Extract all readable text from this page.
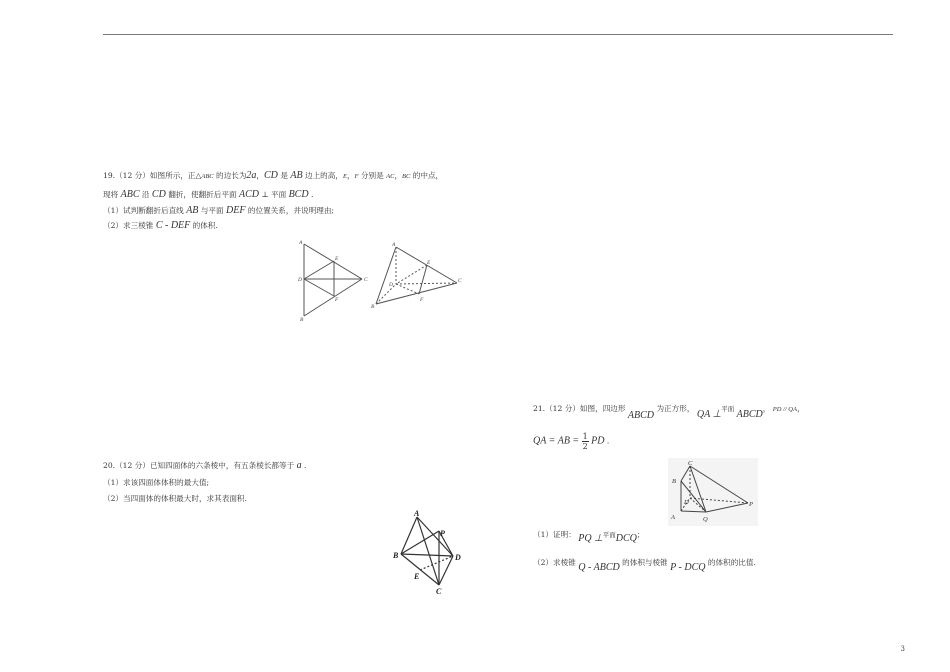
19.（12 分）如图所示，正△ABC 的边长为2a，CD 是 AB 边上的高，E，F 分别是 AC，BC 的中点，
现将 ABC 沿 CD 翻折，使翻折后平面 ACD ⊥ 平面 BCD .
（1）试判断翻折后直线 AB 与平面 DEF 的位置关系，并说明理由;
（2）求三棱锥 C - DEF 的体积.
A
E
D	C
F
B
A
E
D
C
F
B
20.（12 分）已知四面体的六条棱中，有五条棱长都等于 a .
（1）求该四面体体积的最大值;
（2）当四面体的体积最大时，求其表面积.
A
P
B	D
E
C
21.（12 分）如图，四边形 ABCD 为正方形， QA ⊥平面 ABCD， PD // QA，
QA = AB = $\frac{1}{2}$ PD .
C
B
D	P
A	Q
（1）证明： PQ ⊥平面DCQ；
（2）求棱锥 Q - ABCD 的体积与棱锥 P - DCQ 的体积的比值.
3
